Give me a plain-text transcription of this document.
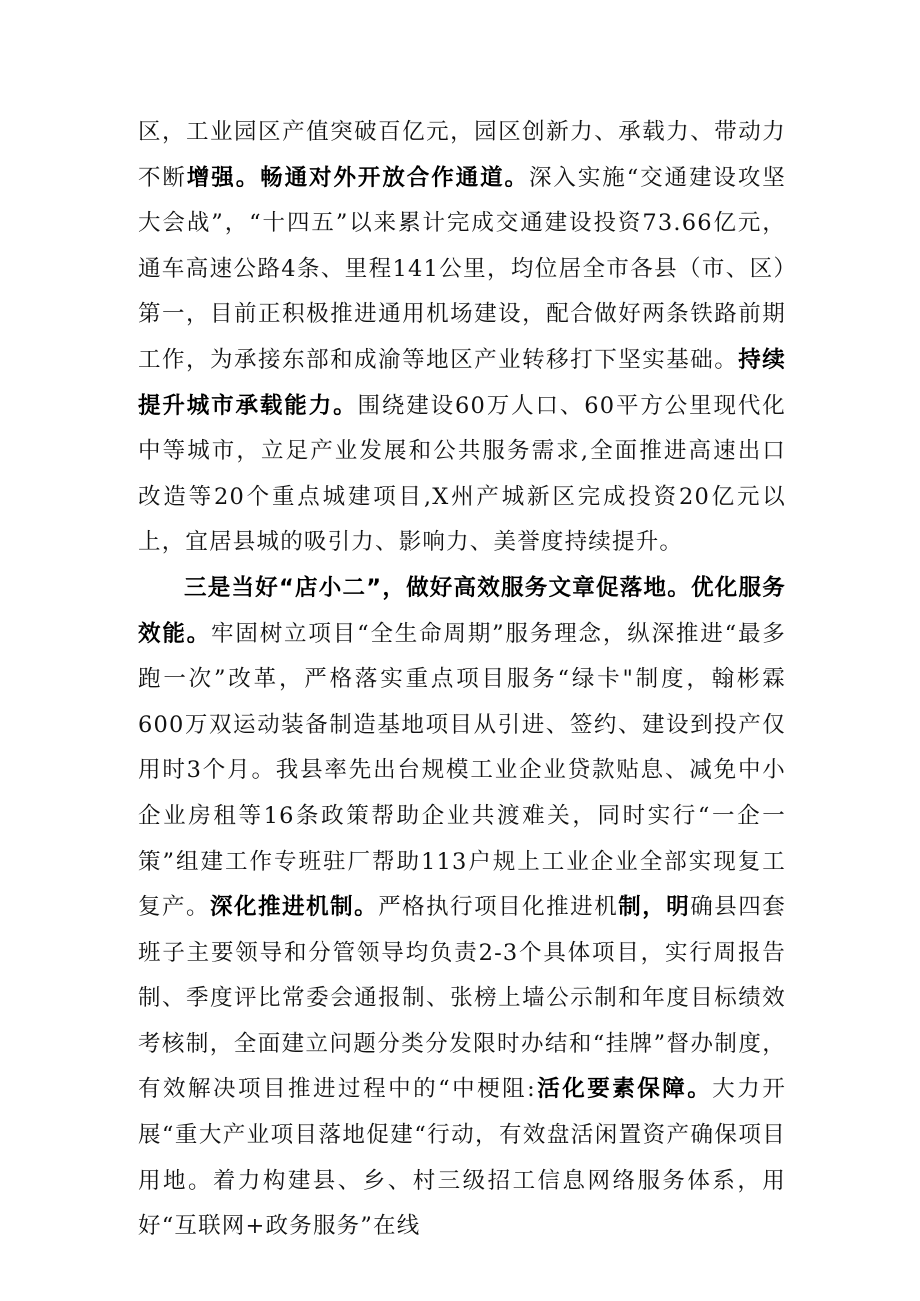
区，工业园区产值突破百亿元，园区创新力、承载力、带动力不断增强。畅通对外开放合作通道。深入实施“交通建设攻坚大会战”，“十四五”以来累计完成交通建设投资73.66亿元，通车高速公路4条、里程141公里，均位居全市各县（市、区）第一，目前正积极推进通用机场建设，配合做好两条铁路前期工作，为承接东部和成渝等地区产业转移打下坚实基础。持续提升城市承载能力。围绕建设60万人口、60平方公里现代化中等城市，立足产业发展和公共服务需求,全面推进高速出口改造等20个重点城建项目,X州产城新区完成投资20亿元以上，宜居县城的吸引力、影响力、美誉度持续提升。

三是当好“店小二”，做好高效服务文章促落地。优化服务效能。牢固树立项目“全生命周期”服务理念，纵深推进“最多跑一次”改革，严格落实重点项目服务“绿卡"制度，翰彬霖600万双运动装备制造基地项目从引进、签约、建设到投产仅用时3个月。我县率先出台规模工业企业贷款贴息、减免中小企业房租等16条政策帮助企业共渡难关，同时实行“一企一策”组建工作专班驻厂帮助113户规上工业企业全部实现复工复产。深化推进机制。严格执行项目化推进机制，明确县四套班子主要领导和分管领导均负责2-3个具体项目，实行周报告制、季度评比常委会通报制、张榜上墙公示制和年度目标绩效考核制，全面建立问题分类分发限时办结和“挂牌”督办制度，有效解决项目推进过程中的“中梗阻:活化要素保障。大力开展“重大产业项目落地促建“行动，有效盘活闲置资产确保项目用地。着力构建县、乡、村三级招工信息网络服务体系，用好“互联网+政务服务”在线
